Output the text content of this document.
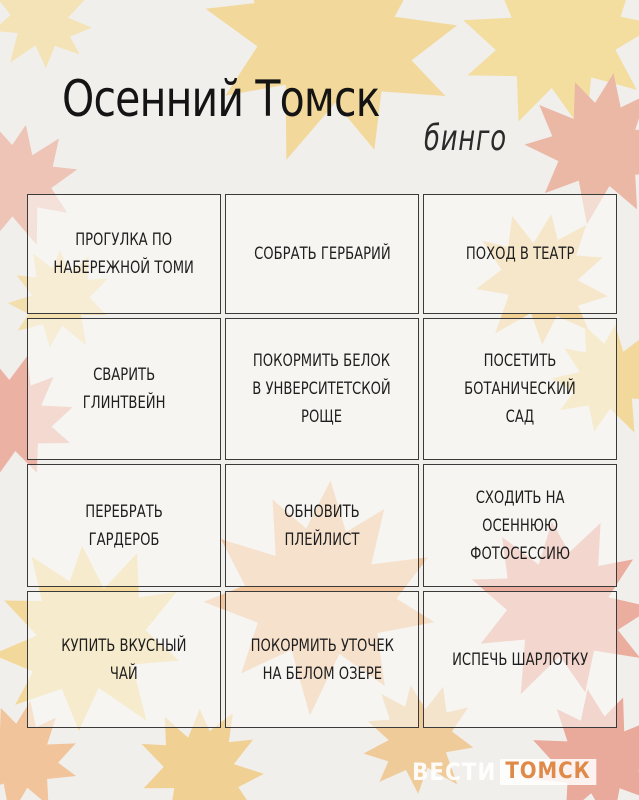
Осенний Томск
бинго
ПРОГУЛКА ПО
НАБЕРЕЖНОЙ ТОМИ
СОБРАТЬ ГЕРБАРИЙ	ПОХОД В ТЕАТР
СВАРИТЬ
ГЛИНТВЕЙН
ПОКОРМИТЬ БЕЛОК
В УНВЕРСИТЕТСКОЙ
РОЩЕ
ПОСЕТИТЬ
БОТАНИЧЕСКИЙ
САД
ПЕРЕБРАТЬ
ГАРДЕРОБ
ОБНОВИТЬ
ПЛЕЙЛИСТ
СХОДИТЬ НА
ОСЕННЮЮ
ФОТОСЕССИЮ
КУПИТЬ ВКУСНЫЙ
ЧАЙ
ПОКОРМИТЬ УТОЧЕК
НА БЕЛОМ ОЗЕРЕ
ИСПЕЧЬ ШАРЛОТКУ
ВЕСТИ ТОМСК
